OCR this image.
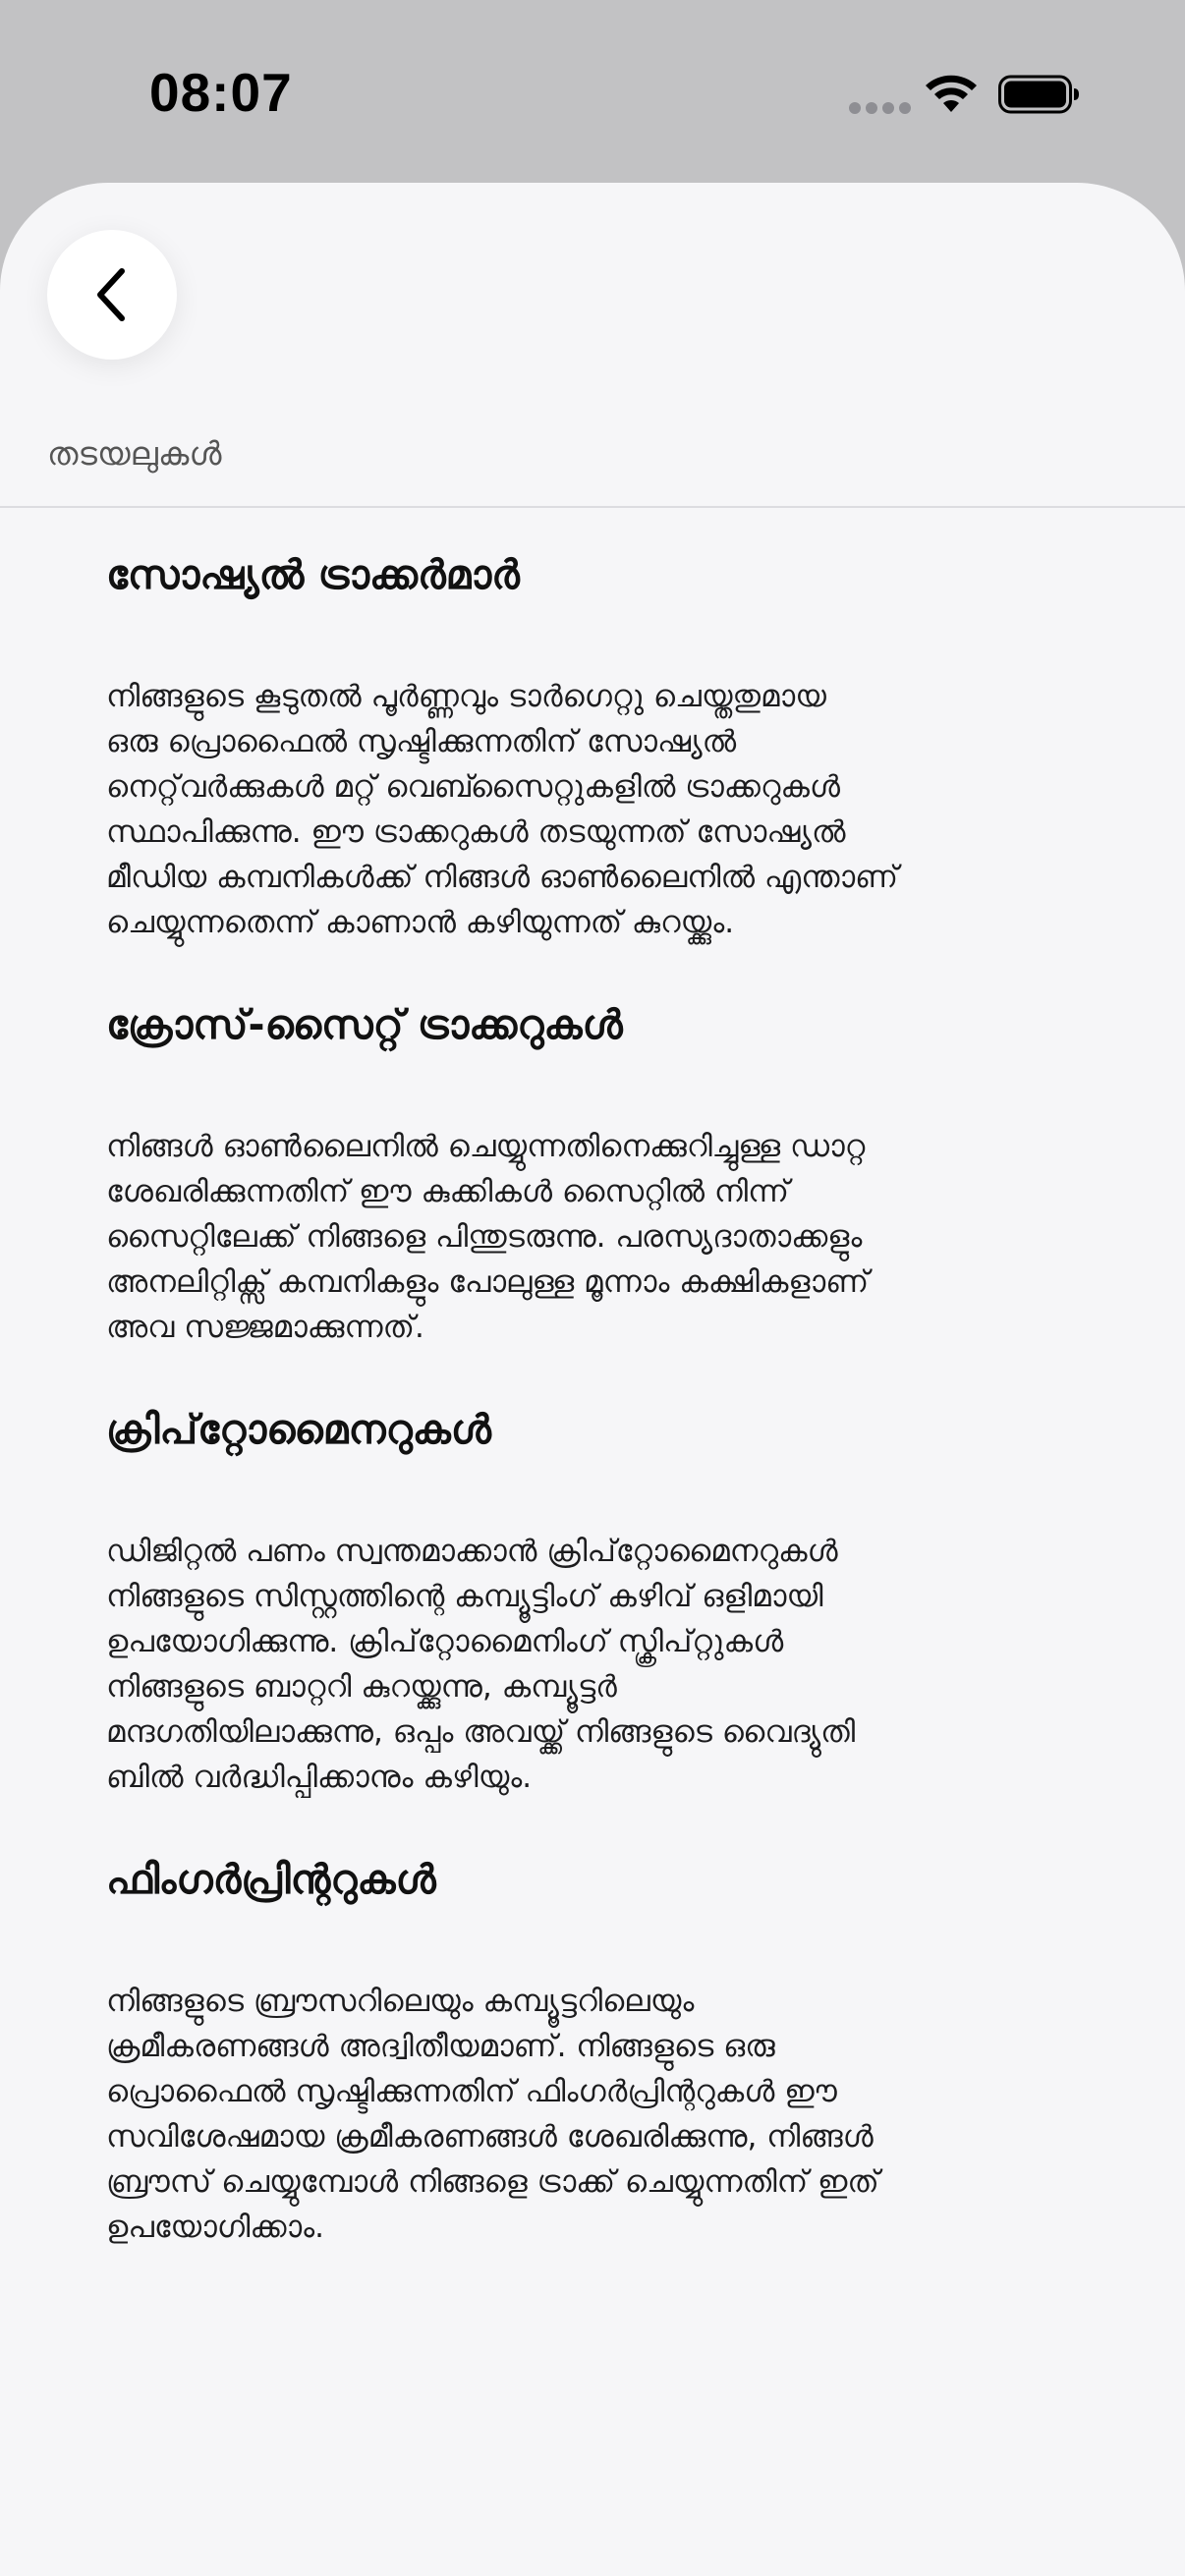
08:07
തടയലുകൾ
സോഷ്യൽ ട്രാക്കർമാർ

നിങ്ങളുടെ കൂടുതൽ പൂർണ്ണവും ടാർഗെറ്റു ചെയ്തതുമായ
ഒരു പ്രൊഫൈൽ സൃഷ്ടിക്കുന്നതിന് സോഷ്യൽ
നെറ്റ്‌വർക്കുകൾ മറ്റ് വെബ്സൈറ്റുകളിൽ ട്രാക്കറുകൾ
സ്ഥാപിക്കുന്നു. ഈ ട്രാക്കറുകൾ തടയുന്നത് സോഷ്യൽ
മീഡിയ കമ്പനികൾക്ക് നിങ്ങൾ ഓൺലൈനിൽ എന്താണ്
ചെയ്യുന്നതെന്ന് കാണാൻ കഴിയുന്നത് കുറയ്ക്കും.

ക്രോസ്-സൈറ്റ് ട്രാക്കറുകൾ

നിങ്ങൾ ഓൺലൈനിൽ ചെയ്യുന്നതിനെക്കുറിച്ചുള്ള ഡാറ്റ
ശേഖരിക്കുന്നതിന് ഈ കുക്കികൾ സൈറ്റിൽ നിന്ന്
സൈറ്റിലേക്ക് നിങ്ങളെ പിന്തുടരുന്നു. പരസ്യദാതാക്കളും
അനലിറ്റിക്സ് കമ്പനികളും പോലുള്ള മൂന്നാം കക്ഷികളാണ്
അവ സജ്ജമാക്കുന്നത്.

ക്രിപ്‌റ്റോമൈനറുകൾ

ഡിജിറ്റൽ പണം സ്വന്തമാക്കാൻ ക്രിപ്‌റ്റോമൈനറുകൾ
നിങ്ങളുടെ സിസ്റ്റത്തിന്റെ കമ്പ്യൂട്ടിംഗ് കഴിവ് ഒളിമായി
ഉപയോഗിക്കുന്നു. ക്രിപ്‌റ്റോമൈനിംഗ് സ്ക്രിപ്റ്റുകൾ
നിങ്ങളുടെ ബാറ്ററി കുറയ്ക്കുന്നു, കമ്പ്യൂട്ടർ
മന്ദഗതിയിലാക്കുന്നു, ഒപ്പം അവയ്ക്ക് നിങ്ങളുടെ വൈദ്യുതി
ബിൽ വർദ്ധിപ്പിക്കാനും കഴിയും.

ഫിംഗർപ്രിന്ററുകൾ

നിങ്ങളുടെ ബ്രൗസറിലെയും കമ്പ്യൂട്ടറിലെയും
ക്രമീകരണങ്ങൾ അദ്വിതീയമാണ്. നിങ്ങളുടെ ഒരു
പ്രൊഫൈൽ സൃഷ്ടിക്കുന്നതിന് ഫിംഗർപ്രിന്ററുകൾ ഈ
സവിശേഷമായ ക്രമീകരണങ്ങൾ ശേഖരിക്കുന്നു, നിങ്ങൾ
ബ്രൗസ് ചെയ്യുമ്പോൾ നിങ്ങളെ ട്രാക്ക് ചെയ്യുന്നതിന് ഇത്
ഉപയോഗിക്കാം.
